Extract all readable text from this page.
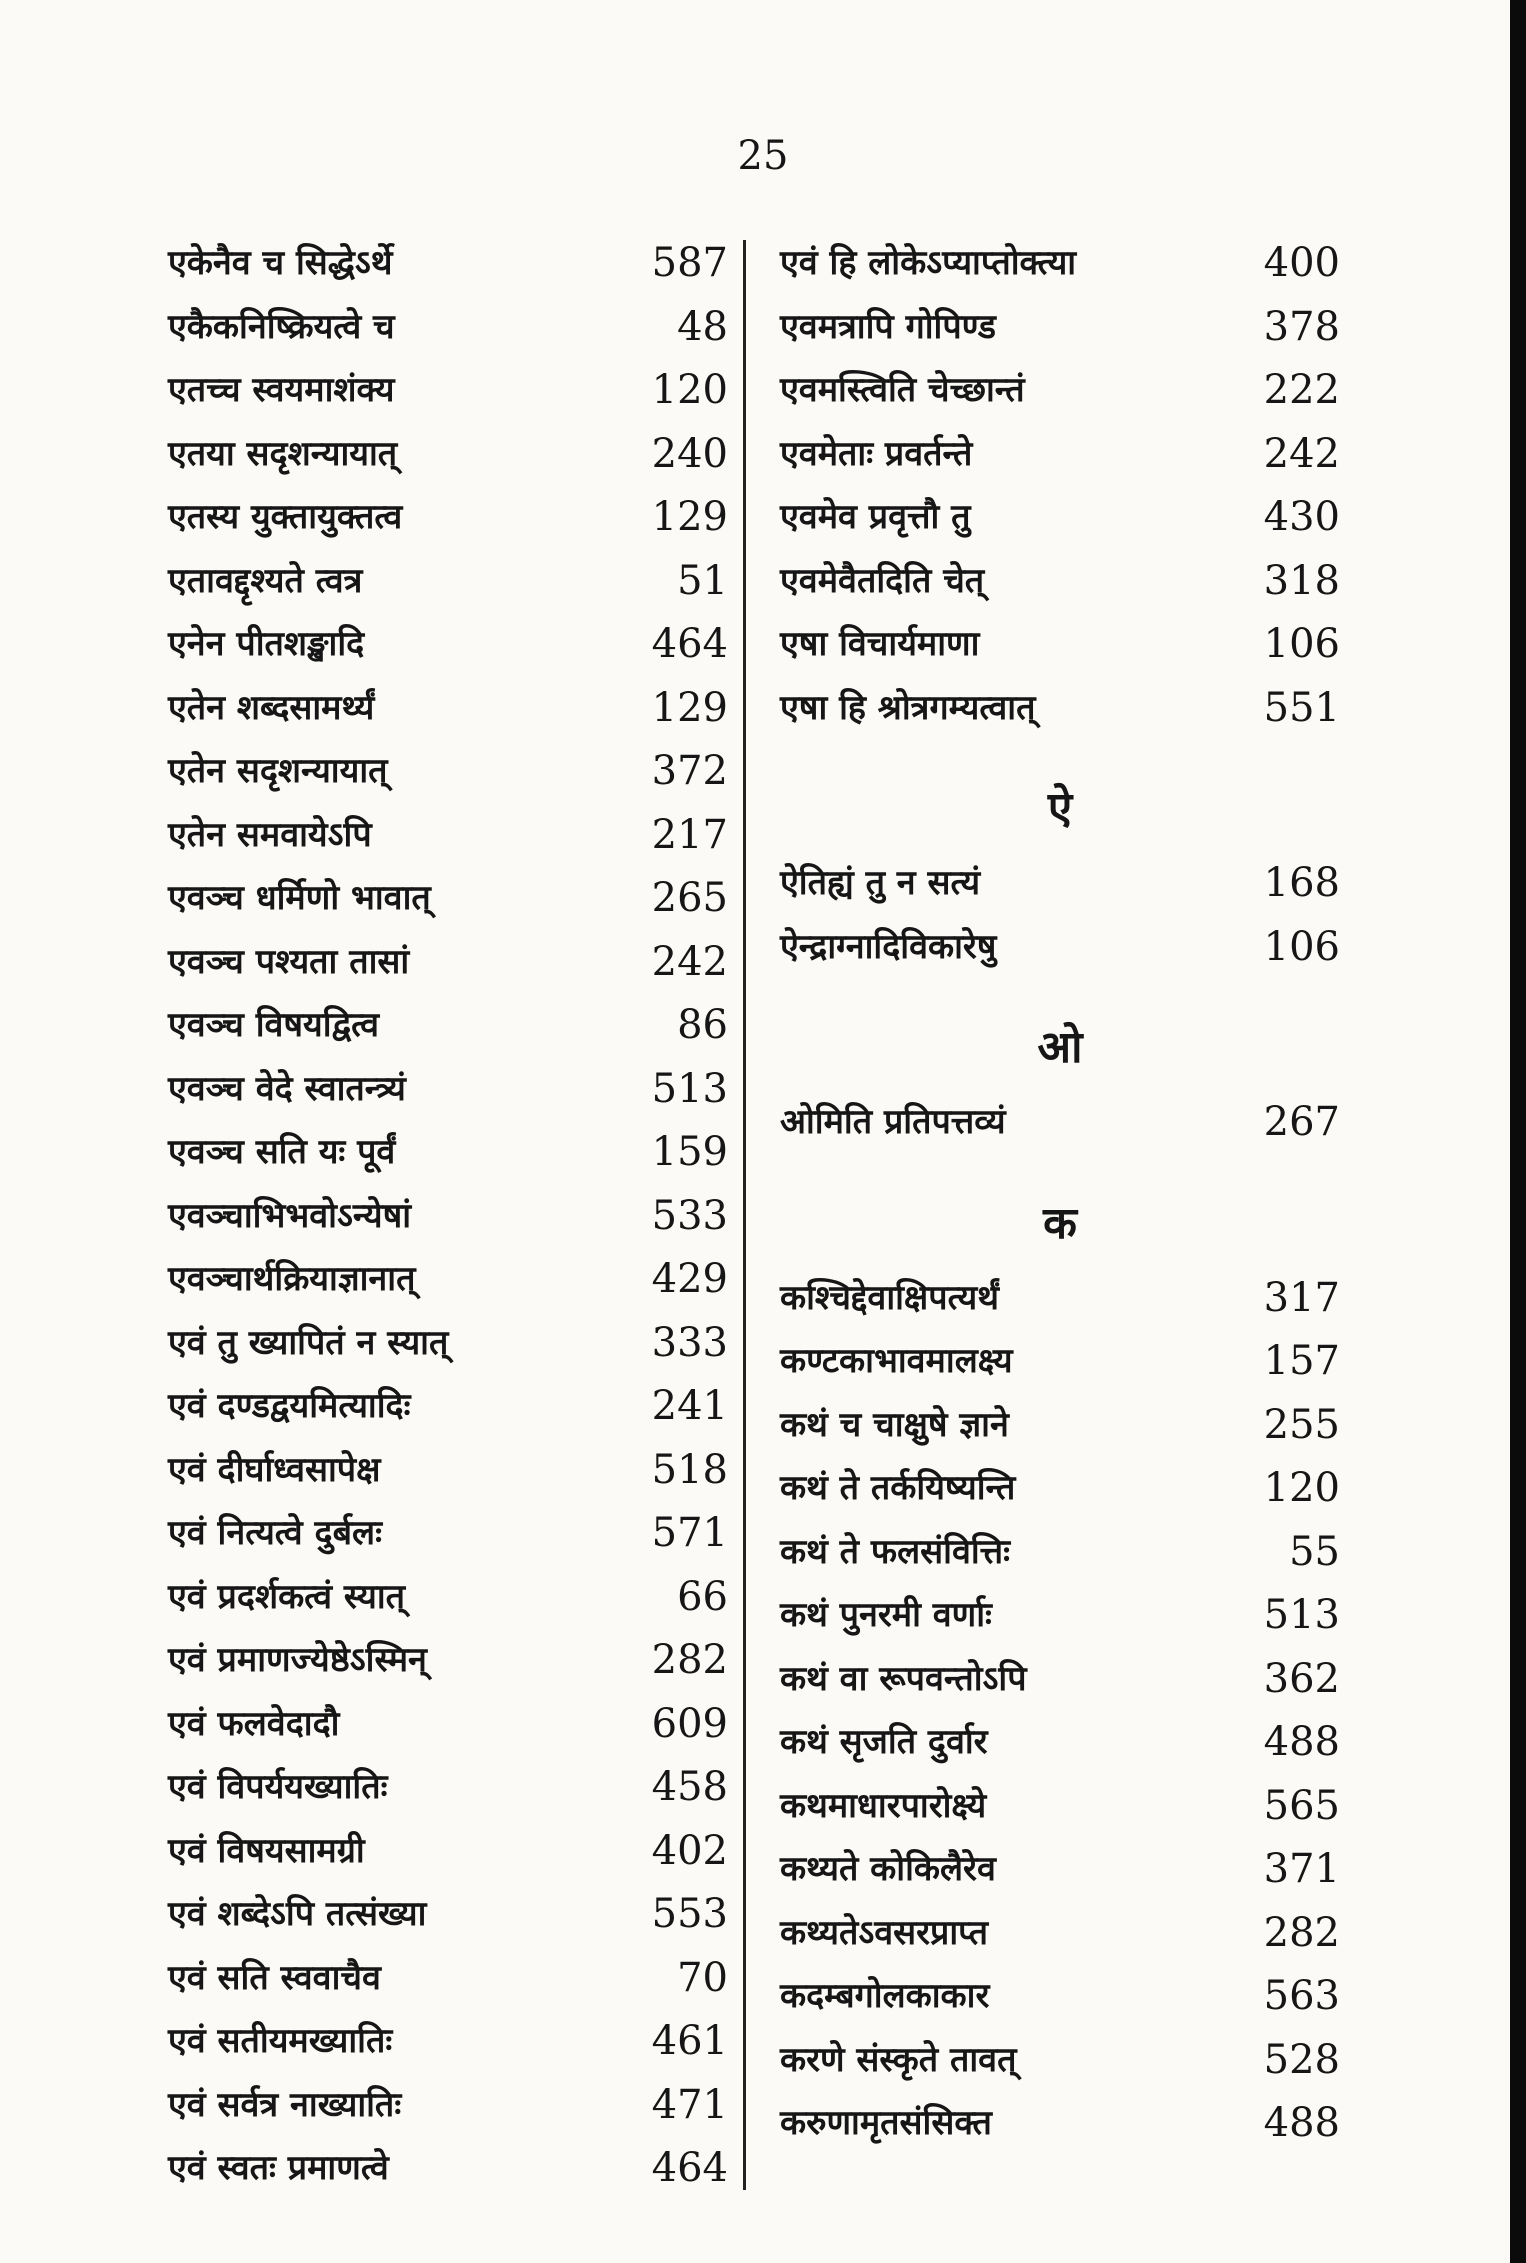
25
एकेनैव च सिद्धेऽर्थे	587
एकैकनिष्क्रियत्वे च	48
एतच्च स्वयमाशंक्य	120
एतया सदृशन्यायात्	240
एतस्य युक्तायुक्तत्व	129
एतावद्दृश्यते त्वत्र	51
एनेन पीतशङ्खादि	464
एतेन शब्दसामर्थ्यं	129
एतेन सदृशन्यायात्	372
एतेन समवायेऽपि	217
एवञ्च धर्मिणो भावात्	265
एवञ्च पश्यता तासां	242
एवञ्च विषयद्वित्व	86
एवञ्च वेदे स्वातन्त्र्यं	513
एवञ्च सति यः पूर्वं	159
एवञ्चाभिभवोऽन्येषां	533
एवञ्चार्थक्रियाज्ञानात्	429
एवं तु ख्यापितं न स्यात्	333
एवं दण्डद्वयमित्यादिः	241
एवं दीर्घाध्वसापेक्ष	518
एवं नित्यत्वे दुर्बलः	571
एवं प्रदर्शकत्वं स्यात्	66
एवं प्रमाणज्येष्ठेऽस्मिन्	282
एवं फलवेदादौ	609
एवं विपर्ययख्यातिः	458
एवं विषयसामग्री	402
एवं शब्देऽपि तत्संख्या	553
एवं सति स्ववाचैव	70
एवं सतीयमख्यातिः	461
एवं सर्वत्र नाख्यातिः	471
एवं स्वतः प्रमाणत्वे	464
एवं हि लोकेऽप्याप्तोक्त्या	400
एवमत्रापि गोपिण्ड	378
एवमस्त्विति चेच्छान्तं	222
एवमेताः प्रवर्तन्ते	242
एवमेव प्रवृत्तौ तु	430
एवमेवैतदिति चेत्	318
एषा विचार्यमाणा	106
एषा हि श्रोत्रगम्यत्वात्	551
ऐ
ऐतिह्यं तु न सत्यं	168
ऐन्द्राग्नादिविकारेषु	106
ओ
ओमिति प्रतिपत्तव्यं	267
क
कश्चिद्देवाक्षिपत्यर्थं	317
कण्टकाभावमालक्ष्य	157
कथं च चाक्षुषे ज्ञाने	255
कथं ते तर्कयिष्यन्ति	120
कथं ते फलसंवित्तिः	55
कथं पुनरमी वर्णाः	513
कथं वा रूपवन्तोऽपि	362
कथं सृजति दुर्वार	488
कथमाधारपारोक्ष्ये	565
कथ्यते कोकिलैरेव	371
कथ्यतेऽवसरप्राप्त	282
कदम्बगोलकाकार	563
करणे संस्कृते तावत्	528
करुणामृतसंसिक्त	488
